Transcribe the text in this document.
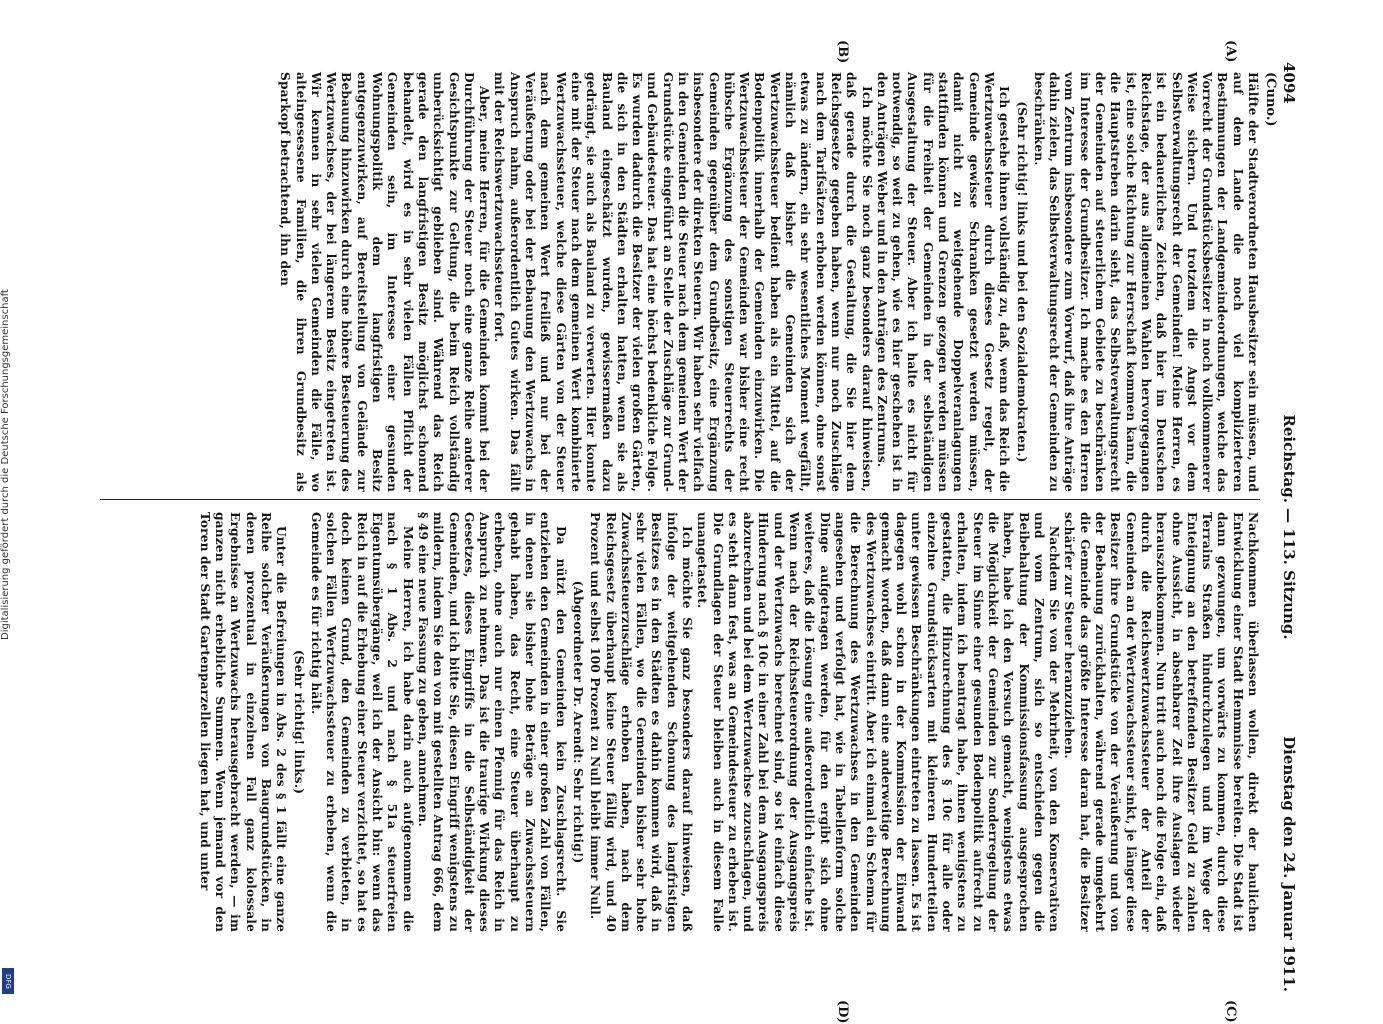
4094
Reichstag. — 113. Sitzung.
Dienstag den 24. Januar 1911.
(Cuno.)
(A)
(B)
(C)
(D)

Hälfte der Stadtverordneten Hausbesitzer sein müssen, und auf dem Lande die noch viel komplizierteren Bestimmungen der Landgemeindeordnungen, welche das Vorrecht der Grundstücksbesitzer in noch vollkommenerer Weise sichern. Und trotzdem die Angst vor dem Selbstverwaltungsrecht der Gemeinden! Meine Herren, es ist ein bedauerliches Zeichen, daß hier im Deutschen Reichstage, der aus allgemeinen Wahlen hervorgegangen ist, eine solche Richtung zur Herrschaft kommen kann, die die Hauptstreben darin sieht, das Selbstverwaltungsrecht der Gemeinden auf steuerlichem Gebiete zu beschränken im Interesse der Grundbesitzer. Ich mache es den Herren vom Zentrum insbesondere zum Vorwurf, daß ihre Anträge dahin zielen, das Selbstverwaltungsrecht der Gemeinden zu beschränken.

(Sehr richtig! links und bei den Sozialdemokraten.)

Ich gestehe ihnen vollständig zu, daß, wenn das Reich die Wertzuwachssteuer durch dieses Gesetz regelt, der Gemeinde gewisse Schranken gesetzt werden müssen, damit nicht zu weitgehende Doppelveranlagungen stattfinden können und Grenzen gezogen werden müssen für die Freiheit der Gemeinden in der selbständigen Ausgestaltung der Steuer. Aber ich halte es nicht für notwendig, so weit zu gehen, wie es hier geschehen ist in den Anträgen Weber und in den Anträgen des Zentrums.

Ich möchte Sie noch ganz besonders darauf hinweisen, daß gerade durch die Gestaltung, die Sie hier dem Reichsgesetze gegeben haben, wenn nur noch Zuschläge nach dem Tarifsätzen erhoben werden können, ohne sonst etwas zu ändern, ein sehr wesentliches Moment wegfällt, nämlich daß bisher die Gemeinden sich der Wertzuwachssteuer bedient haben als ein Mittel, auf die Bodenpolitik innerhalb der Gemeinden einzuwirken. Die Wertzuwachssteuer der Gemeinden war bisher eine recht hübsche Ergänzung des sonstigen Steuerrechts der Gemeinden gegenüber dem Grundbesitz, eine Ergänzung insbesondere der direkten Steuern. Wir haben sehr vielfach in den Gemeinden die Steuer nach dem gemeinen Wert der Grundstücke eingeführt an Stelle der Zuschläge zur Grund- und Gebäudesteuer. Das hat eine höchst bedenkliche Folge. Es wurden dadurch die Besitzer der vielen großen Gärten, die sich in den Städten erhalten hatten, wenn sie als Bauland eingeschätzt wurden, gewissermaßen dazu gedrängt, sie auch als Bauland zu verwerten. Hier konnte eine mit der Steuer nach dem gemeinen Wert kombinierte Wertzuwachssteuer, welche diese Gärten von der Steuer nach dem gemeinen Wert freiließ und nur bei der Veräußerung oder bei der Bebauung den Wertzuwachs in Anspruch nahm, außerordentlich Gutes wirken. Das fällt mit der Reichswertzuwachssteuer fort.

Aber, meine Herren, für die Gemeinden kommt bei der Durchführung der Steuer noch eine ganze Reihe anderer Gesichtspunkte zur Geltung, die beim Reich vollständig unberücksichtigt geblieben sind. Während das Reich gerade den langfristigen Besitz möglichst schonend behandelt, wird es in sehr vielen Fällen Pflicht der Gemeinden sein, im Interesse einer gesunden Wohnungspolitik dem langfristigen Besitz entgegenzuwirken, auf Bereitstellung von Gelände zur Bebauung hinzuwirken durch eine höhere Besteuerung des Wertzuwachses, der bei längerem Besitz eingetreten ist. Wir kennen in sehr vielen Gemeinden die Fälle, wo alteingesessene Familien, die ihren Grundbesitz als Sparkopf betrachtend, ihn den

Nachkommen überlassen wollen, direkt der baulichen Entwicklung einer Stadt Hemmnisse bereiten. Die Stadt ist dann gezwungen, um vorwärts zu kommen, durch diese Terrains Straßen hindurchzulegen und im Wege der Enteignung an den betreffenden Besitzer Geld zu zahlen ohne Aussicht, in absehbarer Zeit ihre Auslagen wieder herauszubekommen. Nun tritt auch noch die Folge ein, daß durch die Reichswertzuwachssteuer der Anteil der Gemeinden an der Wertzuwachssteuer sinkt, je länger diese Besitzer ihre Grundstücke von der Veräußerung und von der Bebauung zurückhalten, während gerade umgekehrt die Gemeinde das größte Interesse daran hat, die Besitzer schärfer zur Steuer heranzuziehen.

Nachdem Sie von der Mehrheit, von den Konservativen und vom Zentrum, sich so entschieden gegen die Beibehaltung der Kommissionsfassung ausgesprochen haben, habe ich den Versuch gemacht, wenigstens etwas die Möglichkeit der Gemeinden zur Sonderregelung der Steuer im Sinne einer gesunden Bodenpolitik aufrecht zu erhalten, indem ich beantragt habe, ihnen wenigstens zu gestatten, die Hinzurechnung des § 10c für alle oder einzelne Grundstücksarten mit kleineren Hundertteilen unter gewissen Beschränkungen eintreten zu lassen. Es ist dagegen wohl schon in der Kommission der Einwand gemacht worden, daß dann eine anderweitige Berechnung des Wertzuwachses eintritt. Aber ich einmal ein Schema für die Berechnung des Wertzuwachses in den Gemeinden angesehen und verfolgt hat, wie in Tabellenform solche Dinge aufgetragen werden, für den ergibt sich ohne weiteres, daß die Lösung eine außerordentlich einfache ist. Wenn nach der Reichssteuerordnung der Ausgangspreis und der Wertzuwachs berechnet sind, so ist einfach diese Hinderung nach § 10c in einer Zahl bei dem Ausgangspreis abzurechnen und bei dem Wertzuwachse zuzuschlagen, und es steht dann fest, was an Gemeindesteuer zu erheben ist. Die Grundlagen der Steuer bleiben auch in diesem Falle unangetastet.

Ich möchte Sie ganz besonders darauf hinweisen, daß infolge der weitgehenden Schonung des langfristigen Besitzes es in den Städten es dahin kommen wird, daß in sehr vielen Fällen, wo die Gemeinden bisher sehr hohe Zuwachssteuerzuschläge erhoben haben, nach dem Reichsgesetz überhaupt keine Steuer fällig wird, und 40 Prozent und selbst 100 Prozent zu Null bleibt immer Null.

(Abgeordneter Dr. Arendt: Sehr richtig!)

Da nützt den Gemeinden kein Zuschlagsrecht. Sie entziehen den Gemeinden in einer großen Zahl von Fällen, in denen sie bisher hohe Beträge an Zuwachssteuern gehabt haben, das Recht, eine Steuer überhaupt zu erheben, ohne auch nur einen Pfennig für das Reich in Anspruch zu nehmen. Das ist die traurige Wirkung dieses Gesetzes, dieses Eingriffs in die Selbständigkeit der Gemeinden, und ich bitte Sie, diesen Eingriff wenigstens zu mildern, indem Sie den von mit gestellten Antrag 666, dem § 49 eine neue Fassung zu geben, annehmen.

Meine Herren, ich habe darin auch aufgenommen die nach § 1 Abs. 2 und nach § 51a steuerfreien Eigentumsübergänge, weil ich der Ansicht bin: wenn das Reich in auf die Erhebung einer Steuer verzichtet, so hat es doch keinen Grund, den Gemeinden zu verbieten, in solchen Fällen Wertzuwachssteuer zu erheben, wenn die Gemeinde es für richtig hält.

(Sehr richtig! links.)

Unter die Befreiungen in Abs. 2 des § 1 fällt eine ganze Reihe solcher Veräußerungen von Baugrundstücken, in denen prozentual in einzelnen Fall ganz kolossale Ergebnisse an Wertzuwachs herausgebracht werden, — im ganzen nicht erhebliche Summen. Wenn jemand vor den Toren der Stadt Gartenparzellen liegen hat, und unter

Digitalisierung gefördert durch die Deutsche Forschungsgemeinschaft
DFG
